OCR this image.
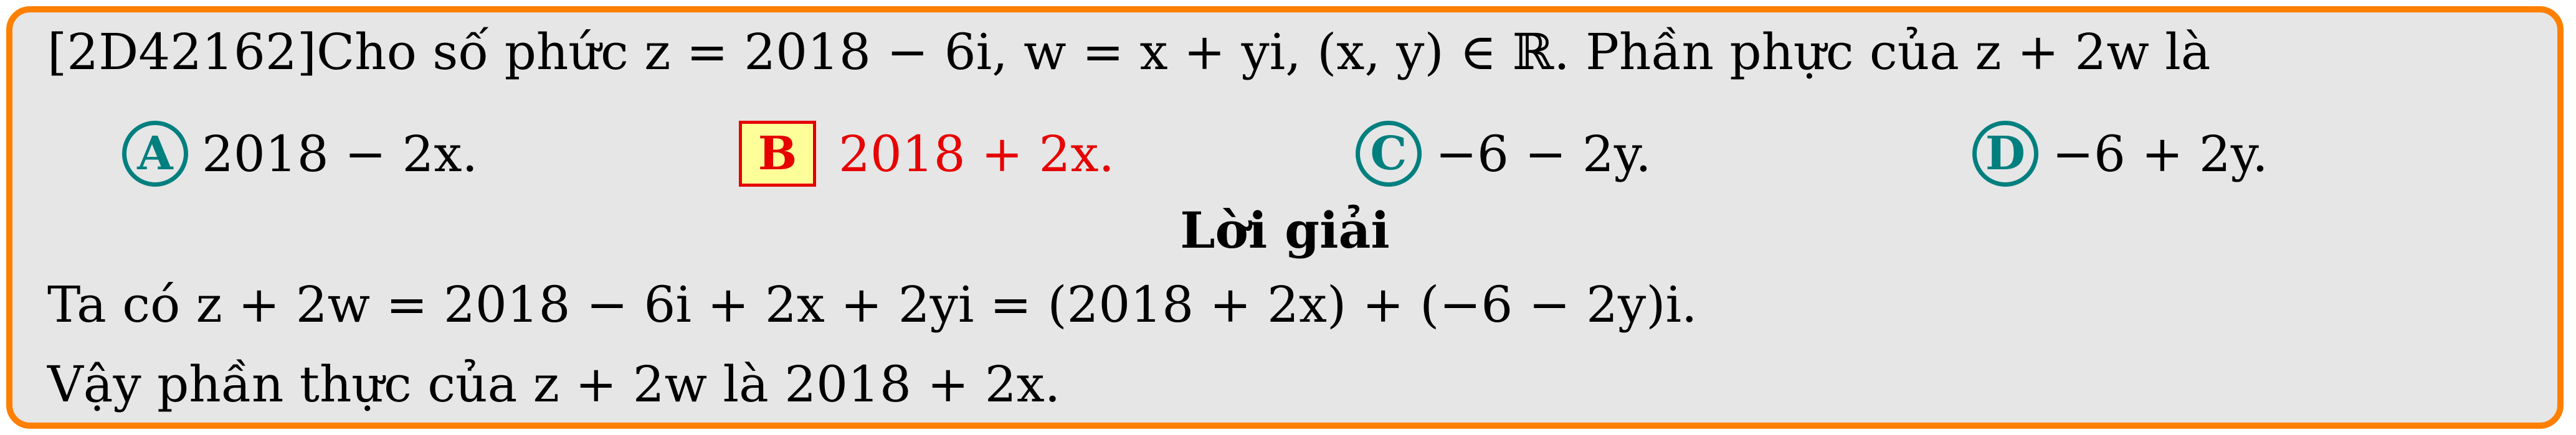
[2D42162]Cho số phức z = 2018 − 6i, w = x + yi, (x, y) ∈ ℝ. Phần phực của z + 2w là
A 2018 − 2x.	B 2018 + 2x.	C −6 − 2y.	D −6 + 2y.
Lời giải
Ta có z + 2w = 2018 − 6i + 2x + 2yi = (2018 + 2x) + (−6 − 2y)i.
Vậy phần thực của z + 2w là 2018 + 2x.
